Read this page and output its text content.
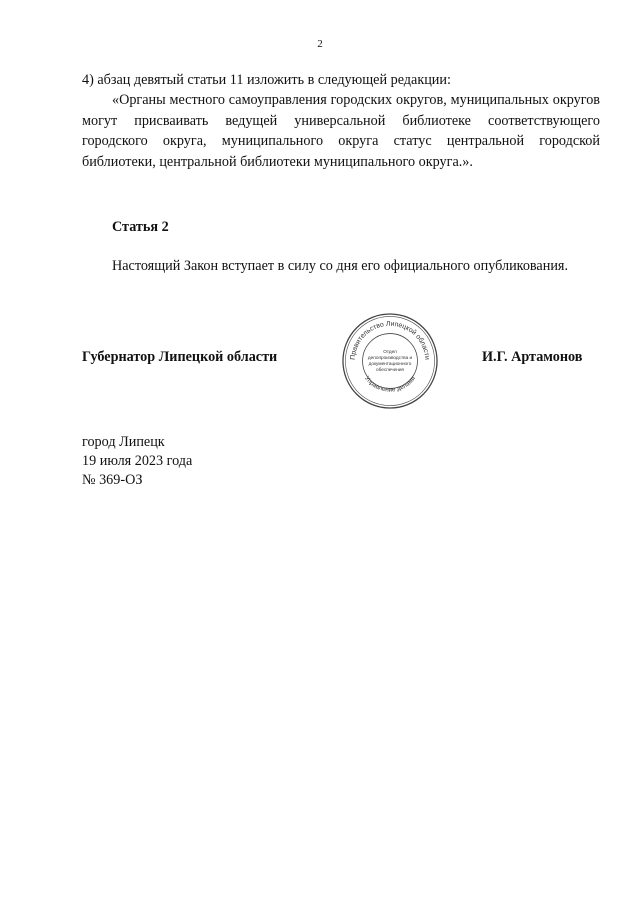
2
4) абзац девятый статьи 11 изложить в следующей редакции:
«Органы местного самоуправления городских округов, муниципальных округов могут присваивать ведущей универсальной библиотеке соответствующего городского округа, муниципального округа статус центральной городской библиотеки, центральной библиотеки муниципального округа.».
Статья 2
Настоящий Закон вступает в силу со дня его официального опубликования.
Губернатор Липецкой области	Правительство Липецкой области
Управление делами
Отдел
делопроизводства и
документационного
обеспечения
И.Г. Артамонов
город Липецк
19 июля 2023 года
№ 369-ОЗ
